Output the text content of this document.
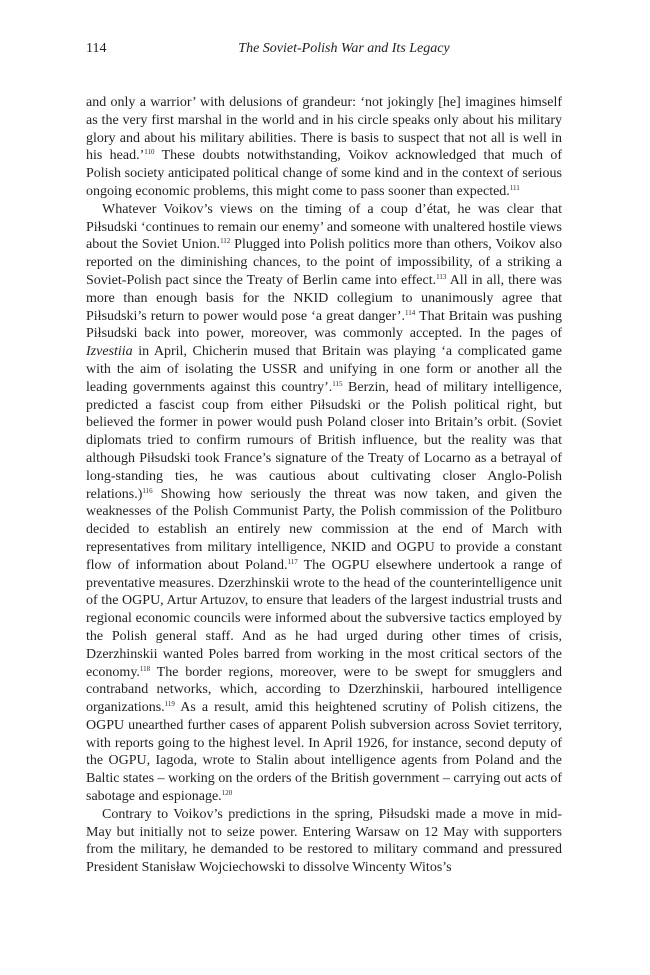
114	The Soviet-Polish War and Its Legacy

and only a warrior’ with delusions of grandeur: ‘not jokingly [he] imagines himself as the very first marshal in the world and in his circle speaks only about his military glory and about his military abilities. There is basis to suspect that not all is well in his head.’$^{110}$ These doubts notwithstanding, Voikov acknowledged that much of Polish society anticipated political change of some kind and in the context of serious ongoing economic problems, this might come to pass sooner than expected.$^{111}$

Whatever Voikov’s views on the timing of a coup d’état, he was clear that Piłsudski ‘continues to remain our enemy’ and someone with unaltered hostile views about the Soviet Union.$^{112}$ Plugged into Polish politics more than others, Voikov also reported on the diminishing chances, to the point of impossibility, of a striking a Soviet-Polish pact since the Treaty of Berlin came into effect.$^{113}$ All in all, there was more than enough basis for the NKID collegium to unanimously agree that Piłsudski’s return to power would pose ‘a great danger’.$^{114}$ That Britain was pushing Piłsudski back into power, moreover, was commonly accepted. In the pages of Izvestiia in April, Chicherin mused that Britain was playing ‘a complicated game with the aim of isolating the USSR and unifying in one form or another all the leading governments against this country’.$^{115}$ Berzin, head of military intelligence, predicted a fascist coup from either Piłsudski or the Polish political right, but believed the former in power would push Poland closer into Britain’s orbit. (Soviet diplomats tried to confirm rumours of British influence, but the reality was that although Piłsudski took France’s signature of the Treaty of Locarno as a betrayal of long-standing ties, he was cautious about cultivating closer Anglo-Polish relations.)$^{116}$ Showing how seriously the threat was now taken, and given the weaknesses of the Polish Communist Party, the Polish commission of the Politburo decided to establish an entirely new commission at the end of March with representatives from military intelligence, NKID and OGPU to provide a constant flow of information about Poland.$^{117}$ The OGPU elsewhere undertook a range of preventative measures. Dzerzhinskii wrote to the head of the counterintelligence unit of the OGPU, Artur Artuzov, to ensure that leaders of the largest industrial trusts and regional economic councils were informed about the subversive tactics employed by the Polish general staff. And as he had urged during other times of crisis, Dzerzhinskii wanted Poles barred from working in the most critical sectors of the economy.$^{118}$ The border regions, moreover, were to be swept for smugglers and contraband networks, which, according to Dzerzhinskii, harboured intelligence organizations.$^{119}$ As a result, amid this heightened scrutiny of Polish citizens, the OGPU unearthed further cases of apparent Polish subversion across Soviet territory, with reports going to the highest level. In April 1926, for instance, second deputy of the OGPU, Iagoda, wrote to Stalin about intelligence agents from Poland and the Baltic states – working on the orders of the British government – carrying out acts of sabotage and espionage.$^{120}$

Contrary to Voikov’s predictions in the spring, Piłsudski made a move in mid-May but initially not to seize power. Entering Warsaw on 12 May with supporters from the military, he demanded to be restored to military command and pressured President Stanisław Wojciechowski to dissolve Wincenty Witos’s
